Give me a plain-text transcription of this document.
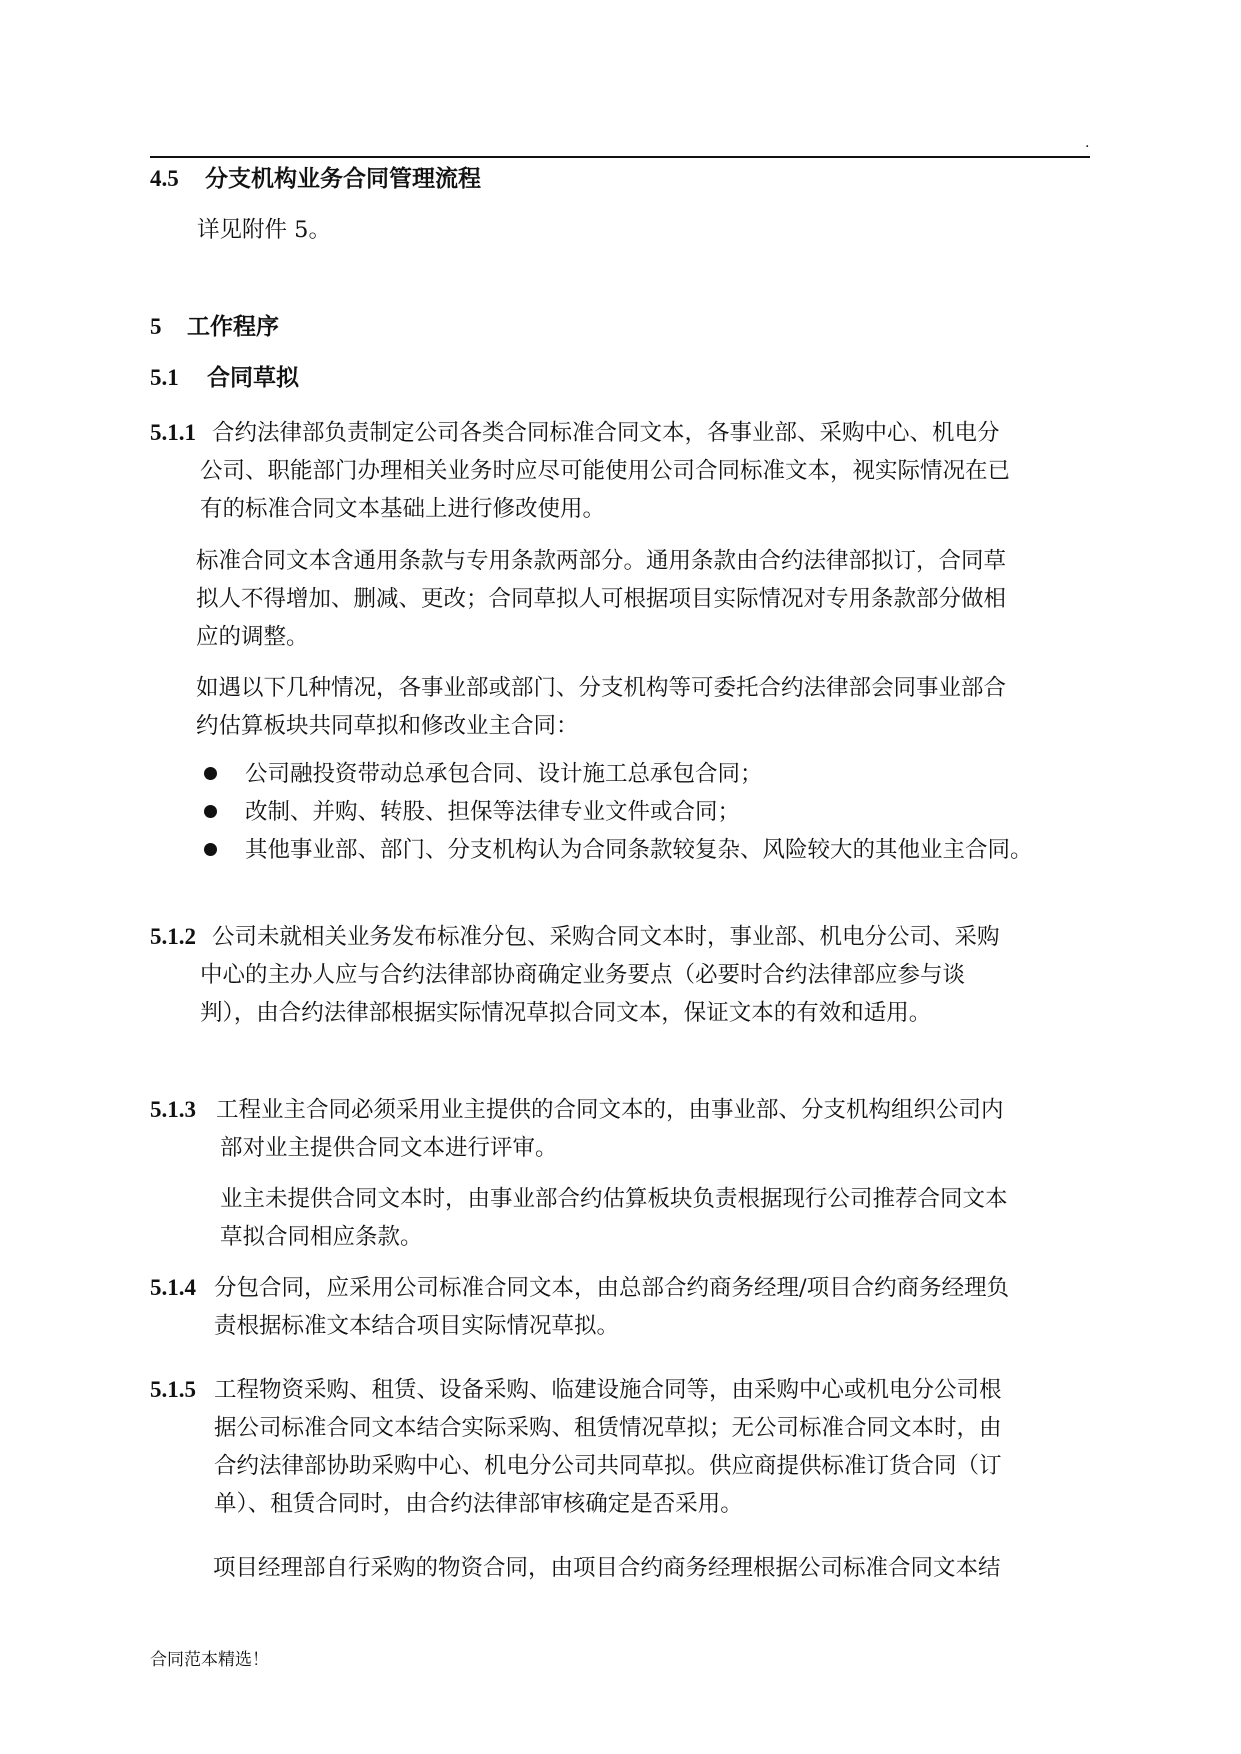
.
4.5 分支机构业务合同管理流程
详见附件 5。
5 工作程序
5.1 合同草拟
5.1.1 合约法律部负责制定公司各类合同标准合同文本，各事业部、采购中心、机电分
公司、职能部门办理相关业务时应尽可能使用公司合同标准文本，视实际情况在已
有的标准合同文本基础上进行修改使用。
标准合同文本含通用条款与专用条款两部分。通用条款由合约法律部拟订，合同草
拟人不得增加、删减、更改；合同草拟人可根据项目实际情况对专用条款部分做相
应的调整。
如遇以下几种情况，各事业部或部门、分支机构等可委托合约法律部会同事业部合
约估算板块共同草拟和修改业主合同：
公司融投资带动总承包合同、设计施工总承包合同；
改制、并购、转股、担保等法律专业文件或合同；
其他事业部、部门、分支机构认为合同条款较复杂、风险较大的其他业主合同。
5.1.2 公司未就相关业务发布标准分包、采购合同文本时，事业部、机电分公司、采购
中心的主办人应与合约法律部协商确定业务要点（必要时合约法律部应参与谈
判），由合约法律部根据实际情况草拟合同文本，保证文本的有效和适用。
5.1.3 工程业主合同必须采用业主提供的合同文本的，由事业部、分支机构组织公司内
部对业主提供合同文本进行评审。
业主未提供合同文本时，由事业部合约估算板块负责根据现行公司推荐合同文本
草拟合同相应条款。
5.1.4 分包合同，应采用公司标准合同文本，由总部合约商务经理/项目合约商务经理负
责根据标准文本结合项目实际情况草拟。
5.1.5 工程物资采购、租赁、设备采购、临建设施合同等，由采购中心或机电分公司根
据公司标准合同文本结合实际采购、租赁情况草拟；无公司标准合同文本时，由
合约法律部协助采购中心、机电分公司共同草拟。供应商提供标准订货合同（订
单）、租赁合同时，由合约法律部审核确定是否采用。
项目经理部自行采购的物资合同，由项目合约商务经理根据公司标准合同文本结
合同范本精选！
